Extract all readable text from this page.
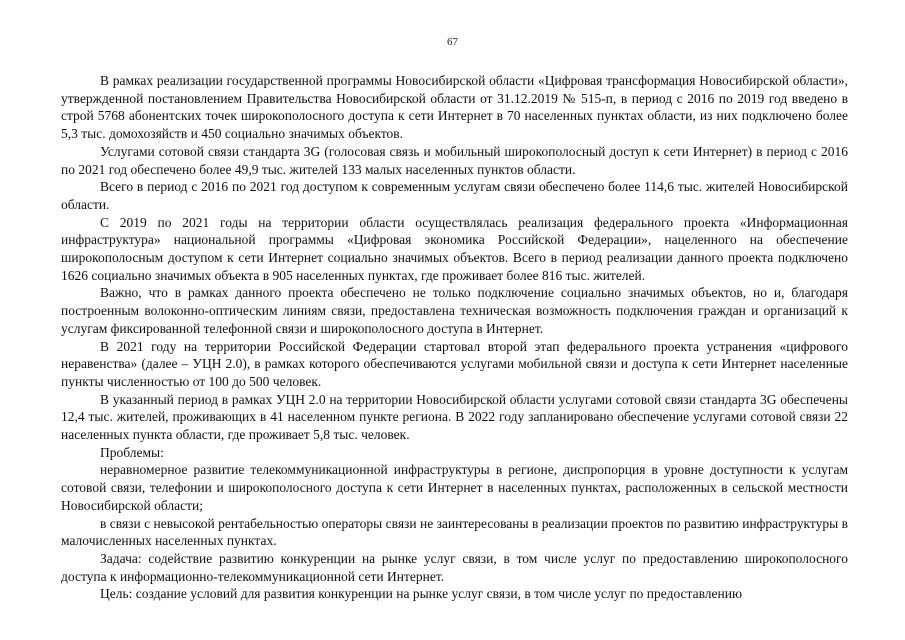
67

В рамках реализации государственной программы Новосибирской области «Цифровая трансформация Новосибирской области», утвержденной постановлением Правительства Новосибирской области от 31.12.2019 № 515-п, в период с 2016 по 2019 год введено в строй 5768 абонентских точек широкополосного доступа к сети Интернет в 70 населенных пунктах области, из них подключено более 5,3 тыс. домохозяйств и 450 социально значимых объектов.

Услугами сотовой связи стандарта 3G (голосовая связь и мобильный широкополосный доступ к сети Интернет) в период с 2016 по 2021 год обеспечено более 49,9 тыс. жителей 133 малых населенных пунктов области.

Всего в период с 2016 по 2021 год доступом к современным услугам связи обеспечено более 114,6 тыс. жителей Новосибирской области.

С 2019 по 2021 годы на территории области осуществлялась реализация федерального проекта «Информационная инфраструктура» национальной программы «Цифровая экономика Российской Федерации», нацеленного на обеспечение широкополосным доступом к сети Интернет социально значимых объектов. Всего в период реализации данного проекта подключено 1626 социально значимых объекта в 905 населенных пунктах, где проживает более 816 тыс. жителей.

Важно, что в рамках данного проекта обеспечено не только подключение социально значимых объектов, но и, благодаря построенным волоконно-оптическим линиям связи, предоставлена техническая возможность подключения граждан и организаций к услугам фиксированной телефонной связи и широкополосного доступа в Интернет.

В 2021 году на территории Российской Федерации стартовал второй этап федерального проекта устранения «цифрового неравенства» (далее – УЦН 2.0), в рамках которого обеспечиваются услугами мобильной связи и доступа к сети Интернет населенные пункты численностью от 100 до 500 человек.

В указанный период в рамках УЦН 2.0 на территории Новосибирской области услугами сотовой связи стандарта 3G обеспечены 12,4 тыс. жителей, проживающих в 41 населенном пункте региона. В 2022 году запланировано обеспечение услугами сотовой связи 22 населенных пункта области, где проживает 5,8 тыс. человек.

Проблемы:

неравномерное развитие телекоммуникационной инфраструктуры в регионе, диспропорция в уровне доступности к услугам сотовой связи, телефонии и широкополосного доступа к сети Интернет в населенных пунктах, расположенных в сельской местности Новосибирской области;

в связи с невысокой рентабельностью операторы связи не заинтересованы в реализации проектов по развитию инфраструктуры в малочисленных населенных пунктах.

Задача: содействие развитию конкуренции на рынке услуг связи, в том числе услуг по предоставлению широкополосного доступа к информационно-телекоммуникационной сети Интернет.

Цель: создание условий для развития конкуренции на рынке услуг связи, в том числе услуг по предоставлению
